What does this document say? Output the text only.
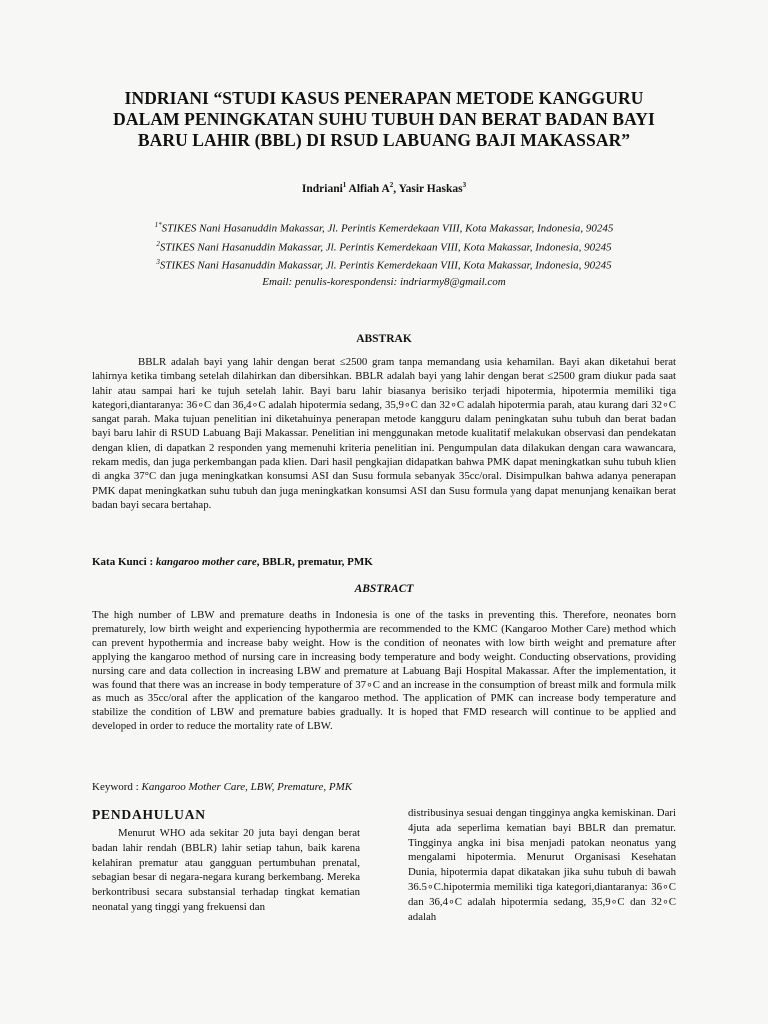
INDRIANI “STUDI KASUS PENERAPAN METODE KANGGURU DALAM PENINGKATAN SUHU TUBUH DAN BERAT BADAN BAYI BARU LAHIR (BBL) DI RSUD LABUANG BAJI MAKASSAR”
Indriani$^1$ Alfiah $A^2$, Yasir Haskas$^3$
$^{1*}$STIKES Nani Hasanuddin Makassar, Jl. Perintis Kemerdekaan VIII, Kota Makassar, Indonesia, 90245
$^2$STIKES Nani Hasanuddin Makassar, Jl. Perintis Kemerdekaan VIII, Kota Makassar, Indonesia, 90245
$^3$STIKES Nani Hasanuddin Makassar, Jl. Perintis Kemerdekaan VIII, Kota Makassar, Indonesia, 90245
Email: penulis-korespondensi: indriarmy8@gmail.com
ABSTRAK

BBLR adalah bayi yang lahir dengan berat ≤2500 gram tanpa memandang usia kehamilan. Bayi akan diketahui berat lahirnya ketika timbang setelah dilahirkan dan dibersihkan. BBLR adalah bayi yang lahir dengan berat ≤2500 gram diukur pada saat lahir atau sampai hari ke tujuh setelah lahir. Bayi baru lahir biasanya berisiko terjadi hipotermia, hipotermia memiliki tiga kategori,diantaranya: 36∘C dan 36,4∘C adalah hipotermia sedang, 35,9∘C dan 32∘C adalah hipotermia parah, atau kurang dari 32∘C sangat parah. Maka tujuan penelitian ini diketahuinya penerapan metode kangguru dalam peningkatan suhu tubuh dan berat badan bayi baru lahir di RSUD Labuang Baji Makassar. Penelitian ini menggunakan metode kualitatif melakukan observasi dan pendekatan dengan klien, di dapatkan 2 responden yang memenuhi kriteria penelitian ini. Pengumpulan data dilakukan dengan cara wawancara, rekam medis, dan juga perkembangan pada klien. Dari hasil pengkajian didapatkan bahwa PMK dapat meningkatkan suhu tubuh klien di angka 37°C dan juga meningkatkan konsumsi ASI dan Susu formula sebanyak 35cc/oral. Disimpulkan bahwa adanya penerapan PMK dapat meningkatkan suhu tubuh dan juga meningkatkan konsumsi ASI dan Susu formula yang dapat menunjang kenaikan berat badan bayi secara bertahap.

Kata Kunci : kangaroo mother care, BBLR, prematur, PMK
ABSTRACT

The high number of LBW and premature deaths in Indonesia is one of the tasks in preventing this. Therefore, neonates born prematurely, low birth weight and experiencing hypothermia are recommended to the KMC (Kangaroo Mother Care) method which can prevent hypothermia and increase baby weight. How is the condition of neonates with low birth weight and premature after applying the kangaroo method of nursing care in increasing body temperature and body weight. Conducting observations, providing nursing care and data collection in increasing LBW and premature at Labuang Baji Hospital Makassar. After the implementation, it was found that there was an increase in body temperature of 37∘C and an increase in the consumption of breast milk and formula milk as much as 35cc/oral after the application of the kangaroo method. The application of PMK can increase body temperature and stabilize the condition of LBW and premature babies gradually. It is hoped that FMD research will continue to be applied and developed in order to reduce the mortality rate of LBW.

Keyword : Kangaroo Mother Care, LBW, Premature, PMK
PENDAHULUAN

Menurut WHO ada sekitar 20 juta bayi dengan berat badan lahir rendah (BBLR) lahir setiap tahun, baik karena kelahiran prematur atau gangguan pertumbuhan prenatal, sebagian besar di negara-negara kurang berkembang. Mereka berkontribusi secara substansial terhadap tingkat kematian neonatal yang tinggi yang frekuensi dan

distribusinya sesuai dengan tingginya angka kemiskinan. Dari 4juta ada seperlima kematian bayi BBLR dan prematur. Tingginya angka ini bisa menjadi patokan neonatus yang mengalami hipotermia. Menurut Organisasi Kesehatan Dunia, hipotermia dapat dikatakan jika suhu tubuh di bawah 36.5∘C.hipotermia memiliki tiga kategori,diantaranya: 36∘C dan 36,4∘C adalah hipotermia sedang, 35,9∘C dan 32∘C adalah
